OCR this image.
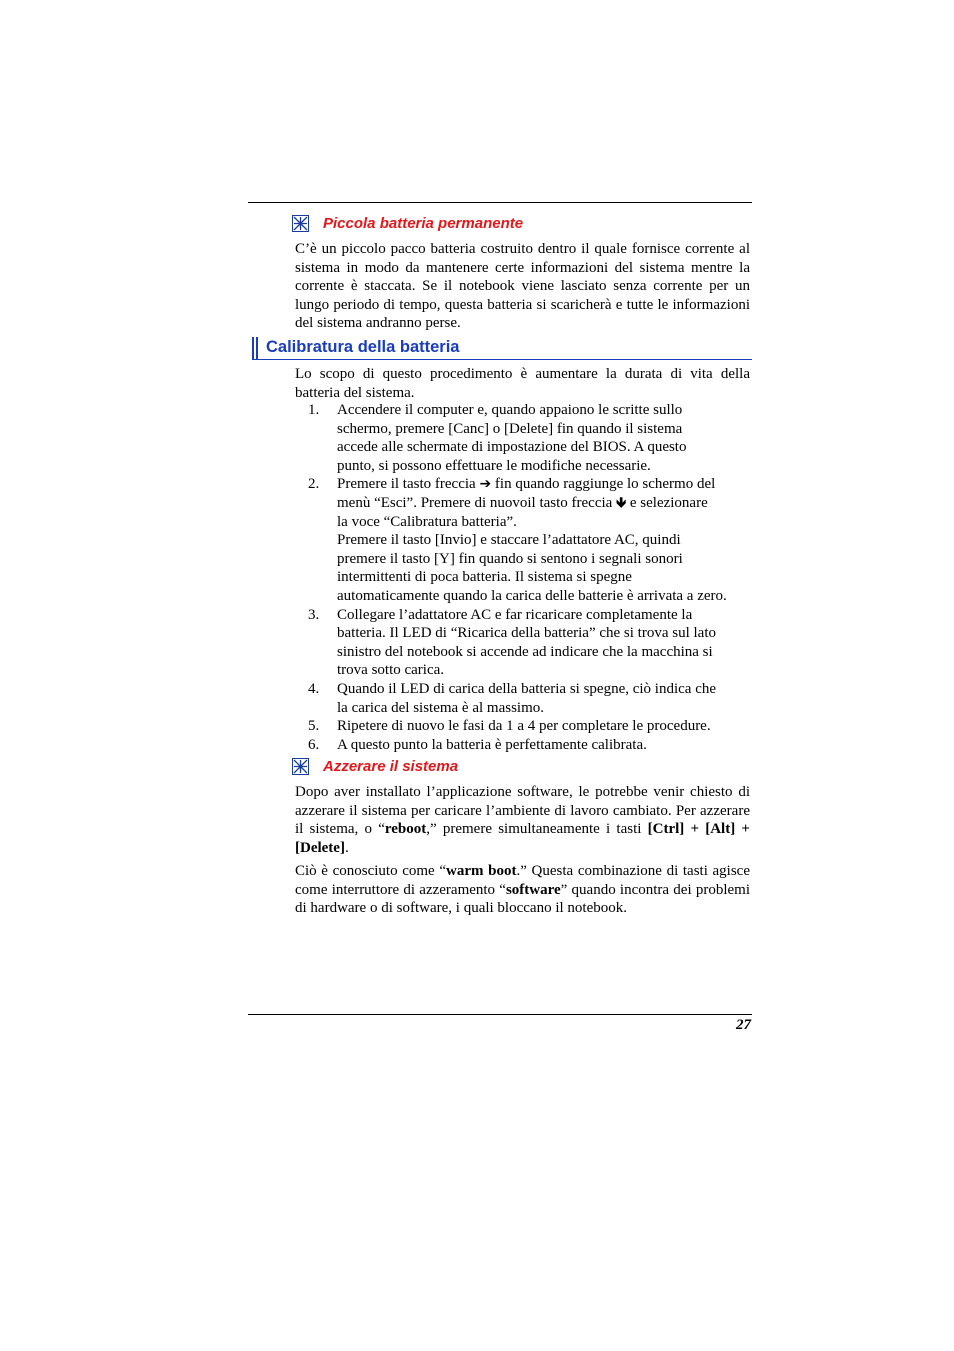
Piccola batteria permanente
C’è un piccolo pacco batteria costruito dentro il quale fornisce corrente al sistema in modo da mantenere certe informazioni del sistema mentre la corrente è staccata. Se il notebook viene lasciato senza corrente per un lungo periodo di tempo, questa batteria si scaricherà e tutte le informazioni del sistema andranno perse.
Calibratura della batteria
Lo scopo di questo procedimento è aumentare la durata di vita della batteria del sistema.
1. Accendere il computer e, quando appaiono le scritte sullo
schermo, premere [Canc] o [Delete] fin quando il sistema
accede alle schermate di impostazione del BIOS. A questo
punto, si possono effettuare le modifiche necessarie.
2. Premere il tasto freccia ➔ fin quando raggiunge lo schermo del
menù “Esci”. Premere di nuovoil tasto freccia 🡻 e selezionare
la voce “Calibratura batteria”.
Premere il tasto [Invio] e staccare l’adattatore AC, quindi
premere il tasto [Y] fin quando si sentono i segnali sonori
intermittenti di poca batteria. Il sistema si spegne
automaticamente quando la carica delle batterie è arrivata a zero.
3. Collegare l’adattatore AC e far ricaricare completamente la
batteria. Il LED di “Ricarica della batteria” che si trova sul lato
sinistro del notebook si accende ad indicare che la macchina si
trova sotto carica.
4. Quando il LED di carica della batteria si spegne, ciò indica che
la carica del sistema è al massimo.
5. Ripetere di nuovo le fasi da 1 a 4 per completare le procedure.
6. A questo punto la batteria è perfettamente calibrata.
Azzerare il sistema
Dopo aver installato l’applicazione software, le potrebbe venir chiesto di azzerare il sistema per caricare l’ambiente di lavoro cambiato. Per azzerare il sistema, o “reboot,” premere simultaneamente i tasti [Ctrl] + [Alt] + [Delete].
Ciò è conosciuto come “warm boot.” Questa combinazione di tasti agisce come interruttore di azzeramento “software” quando incontra dei problemi di hardware o di software, i quali bloccano il notebook.
27
